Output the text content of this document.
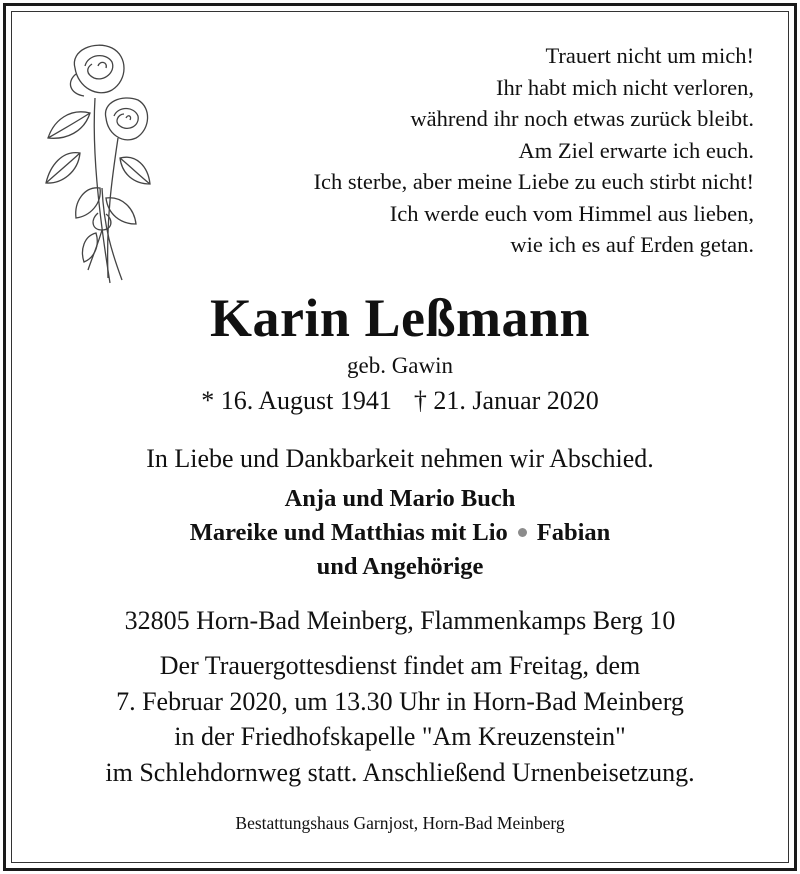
Trauert nicht um mich!
Ihr habt mich nicht verloren,
während ihr noch etwas zurück bleibt.
Am Ziel erwarte ich euch.
Ich sterbe, aber meine Liebe zu euch stirbt nicht!
Ich werde euch vom Himmel aus lieben,
wie ich es auf Erden getan.
Karin Leßmann
geb. Gawin
* 16. August 1941 † 21. Januar 2020
In Liebe und Dankbarkeit nehmen wir Abschied.
Anja und Mario Buch
Mareike und Matthias mit Lio Fabian
und Angehörige
32805 Horn-Bad Meinberg, Flammenkamps Berg 10
Der Trauergottesdienst findet am Freitag, dem
7. Februar 2020, um 13.30 Uhr in Horn-Bad Meinberg
in der Friedhofskapelle "Am Kreuzenstein"
im Schlehdornweg statt. Anschließend Urnenbeisetzung.
Bestattungshaus Garnjost, Horn-Bad Meinberg
